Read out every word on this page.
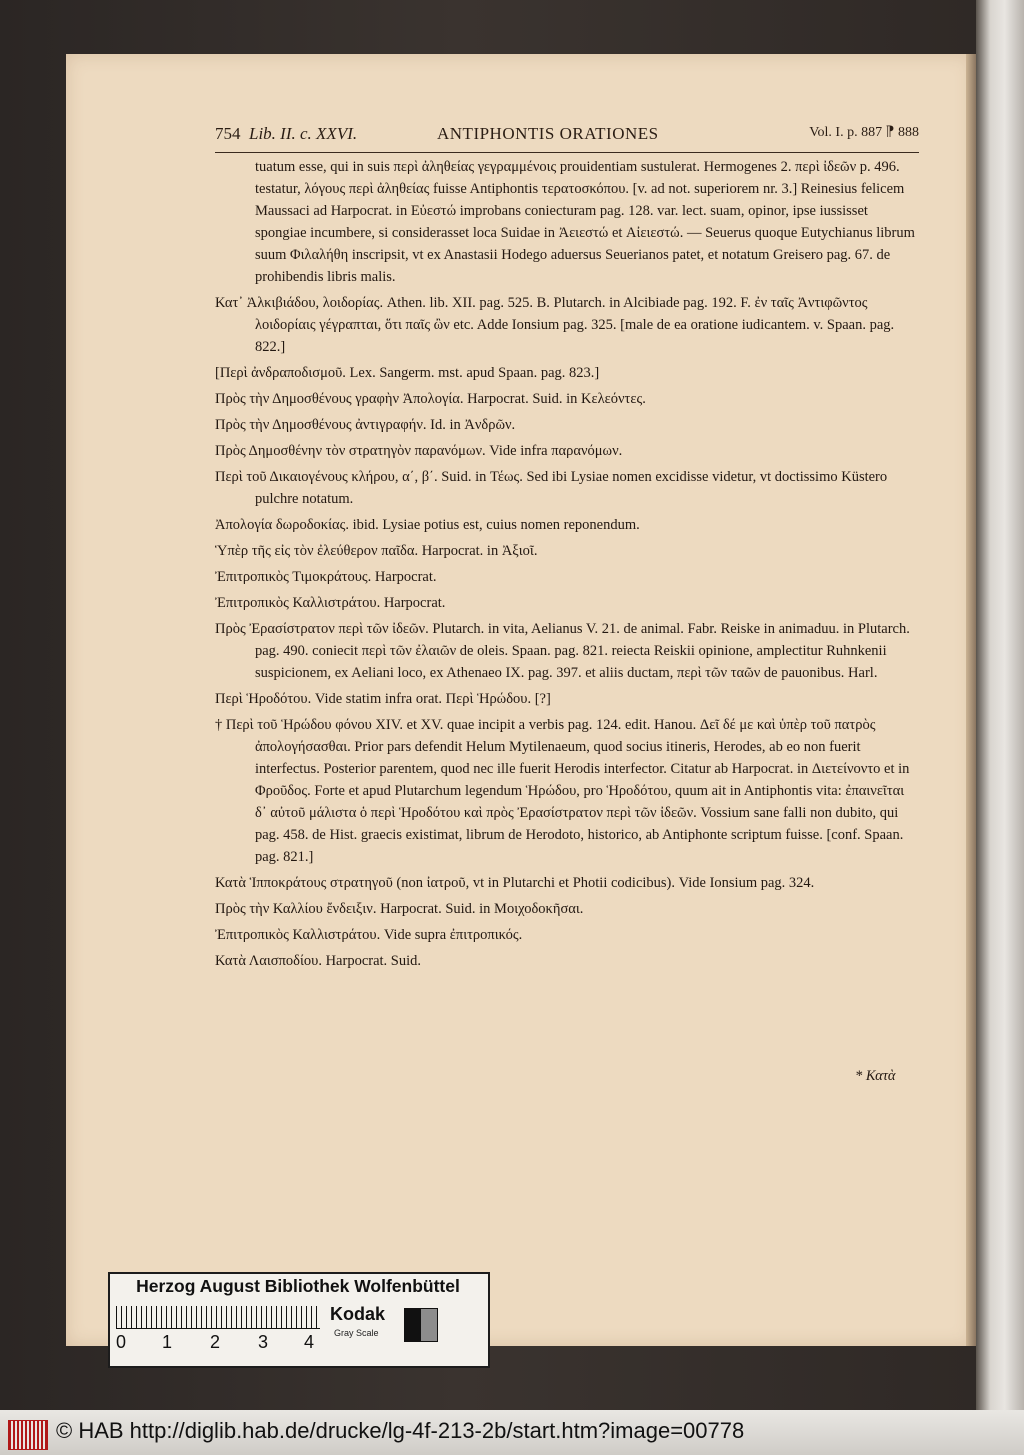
754 Lib. II. c. XXVI.	ANTIPHONTIS ORATIONES	Vol. I. p. 887 ⁋ 888

tuatum esse, qui in suis περὶ ἀληθείας γεγραμμένοις prouidentiam sustulerat. Hermogenes 2. περὶ ἰδεῶν p. 496. testatur, λόγους περὶ ἀληθείας fuisse Antiphontis τερατοσκόπου. [v. ad not. superiorem nr. 3.] Reinesius felicem Maussaci ad Harpocrat. in Εὐεστώ improbans coniecturam pag. 128. var. lect. suam, opinor, ipse iussisset spongiae incumbere, si considerasset loca Suidae in Ἀειεστώ et Αἰειεστώ. — Seuerus quoque Eutychianus librum suum Φιλαλήθη inscripsit, vt ex Anastasii Hodego aduersus Seuerianos patet, et notatum Greisero pag. 67. de prohibendis libris malis.

Κατ᾽ Ἀλκιβιάδου, λοιδορίας. Athen. lib. XII. pag. 525. B. Plutarch. in Alcibiade pag. 192. F. ἐν ταῖς Ἀντιφῶντος λοιδορίαις γέγραπται, ὅτι παῖς ὢν etc. Adde Ionsium pag. 325. [male de ea oratione iudicantem. v. Spaan. pag. 822.]

[Περὶ ἀνδραποδισμοῦ. Lex. Sangerm. mst. apud Spaan. pag. 823.]

Πρὸς τὴν Δημοσθένους γραφὴν Ἀπολογία. Harpocrat. Suid. in Κελεόντες.

Πρὸς τὴν Δημοσθένους ἀντιγραφήν. Id. in Ἀνδρῶν.

Πρὸς Δημοσθένην τὸν στρατηγὸν παρανόμων. Vide infra παρανόμων.

Περὶ τοῦ Δικαιογένους κλήρου, α΄, β΄. Suid. in Τέως. Sed ibi Lysiae nomen excidisse videtur, vt doctissimo Küstero pulchre notatum.

Ἀπολογία δωροδοκίας. ibid. Lysiae potius est, cuius nomen reponendum.

Ὑπὲρ τῆς εἰς τὸν ἐλεύθερον παῖδα. Harpocrat. in Ἀξιοῖ.

Ἐπιτροπικὸς Τιμοκράτους. Harpocrat.

Ἐπιτροπικὸς Καλλιστράτου. Harpocrat.

Πρὸς Ἐρασίστρατον περὶ τῶν ἰδεῶν. Plutarch. in vita, Aelianus V. 21. de animal. Fabr. Reiske in animaduu. in Plutarch. pag. 490. coniecit περὶ τῶν ἐλαιῶν de oleis. Spaan. pag. 821. reiecta Reiskii opinione, amplectitur Ruhnkenii suspicionem, ex Aeliani loco, ex Athenaeo IX. pag. 397. et aliis ductam, περὶ τῶν ταῶν de pauonibus. Harl.

Περὶ Ἡροδότου. Vide statim infra orat. Περὶ Ἡρώδου. [?]

† Περὶ τοῦ Ἡρώδου φόνου XIV. et XV. quae incipit a verbis pag. 124. edit. Hanou. Δεῖ δέ με καὶ ὑπὲρ τοῦ πατρὸς ἀπολογήσασθαι. Prior pars defendit Helum Mytilenaeum, quod socius itineris, Herodes, ab eo non fuerit interfectus. Posterior parentem, quod nec ille fuerit Herodis interfector. Citatur ab Harpocrat. in Διετείνοντο et in Φροῦδος. Forte et apud Plutarchum legendum Ἡρώδου, pro Ἡροδότου, quum ait in Antiphontis vita: ἐπαινεῖται δ᾽ αὐτοῦ μάλιστα ὁ περὶ Ἡροδότου καὶ πρὸς Ἐρασίστρατον περὶ τῶν ἰδεῶν. Vossium sane falli non dubito, qui pag. 458. de Hist. graecis existimat, librum de Herodoto, historico, ab Antiphonte scriptum fuisse. [conf. Spaan. pag. 821.]

Κατὰ Ἱπποκράτους στρατηγοῦ (non ἰατροῦ, vt in Plutarchi et Photii codicibus). Vide Ionsium pag. 324.

Πρὸς τὴν Καλλίου ἔνδειξιν. Harpocrat. Suid. in Μοιχοδοκῆσαι.

Ἐπιτροπικὸς Καλλιστράτου. Vide supra ἐπιτροπικός.

Κατὰ Λαισποδίου. Harpocrat. Suid.

* Κατὰ
Herzog August Bibliothek Wolfenbüttel
0 1 2 3 4
Kodak
Gray Scale
© HAB http://diglib.hab.de/drucke/lg-4f-213-2b/start.htm?image=00778
